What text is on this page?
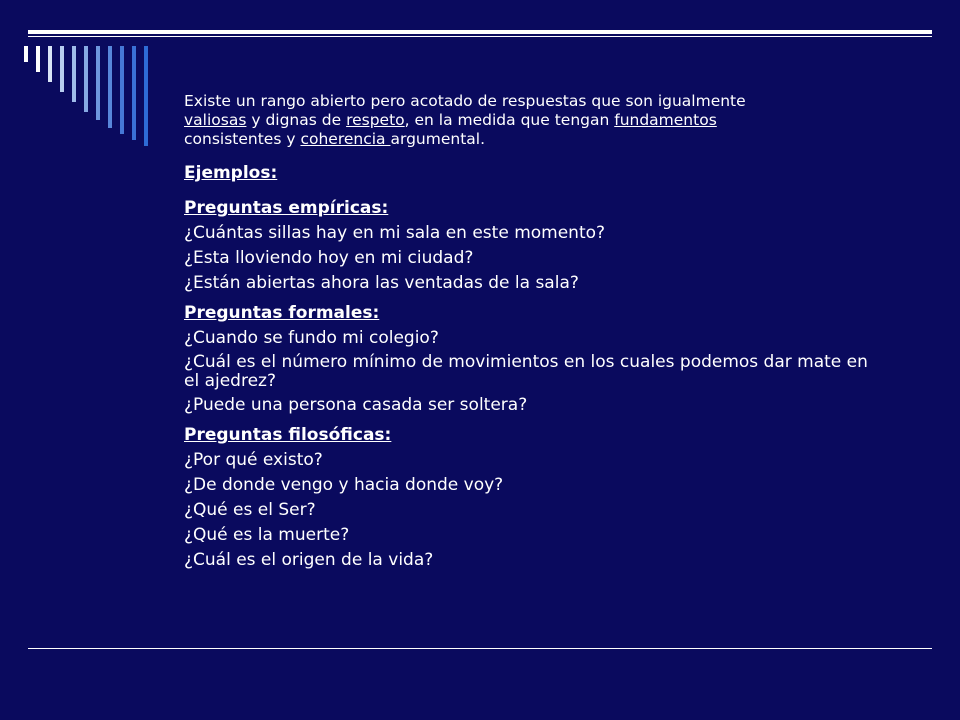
Existe un rango abierto pero acotado de respuestas que son igualmente
valiosas y dignas de respeto, en la medida que tengan fundamentos
consistentes y coherencia argumental.

Ejemplos:

Preguntas empíricas:

¿Cuántas sillas hay en mi sala en este momento?

¿Esta lloviendo hoy en mi ciudad?

¿Están abiertas ahora las ventadas de la sala?

Preguntas formales:

¿Cuando se fundo mi colegio?

¿Cuál es el número mínimo de movimientos en los cuales podemos dar mate en el ajedrez?

¿Puede una persona casada ser soltera?

Preguntas filosóficas:

¿Por qué existo?

¿De donde vengo y hacia donde voy?

¿Qué es el Ser?

¿Qué es la muerte?

¿Cuál es el origen de la vida?
